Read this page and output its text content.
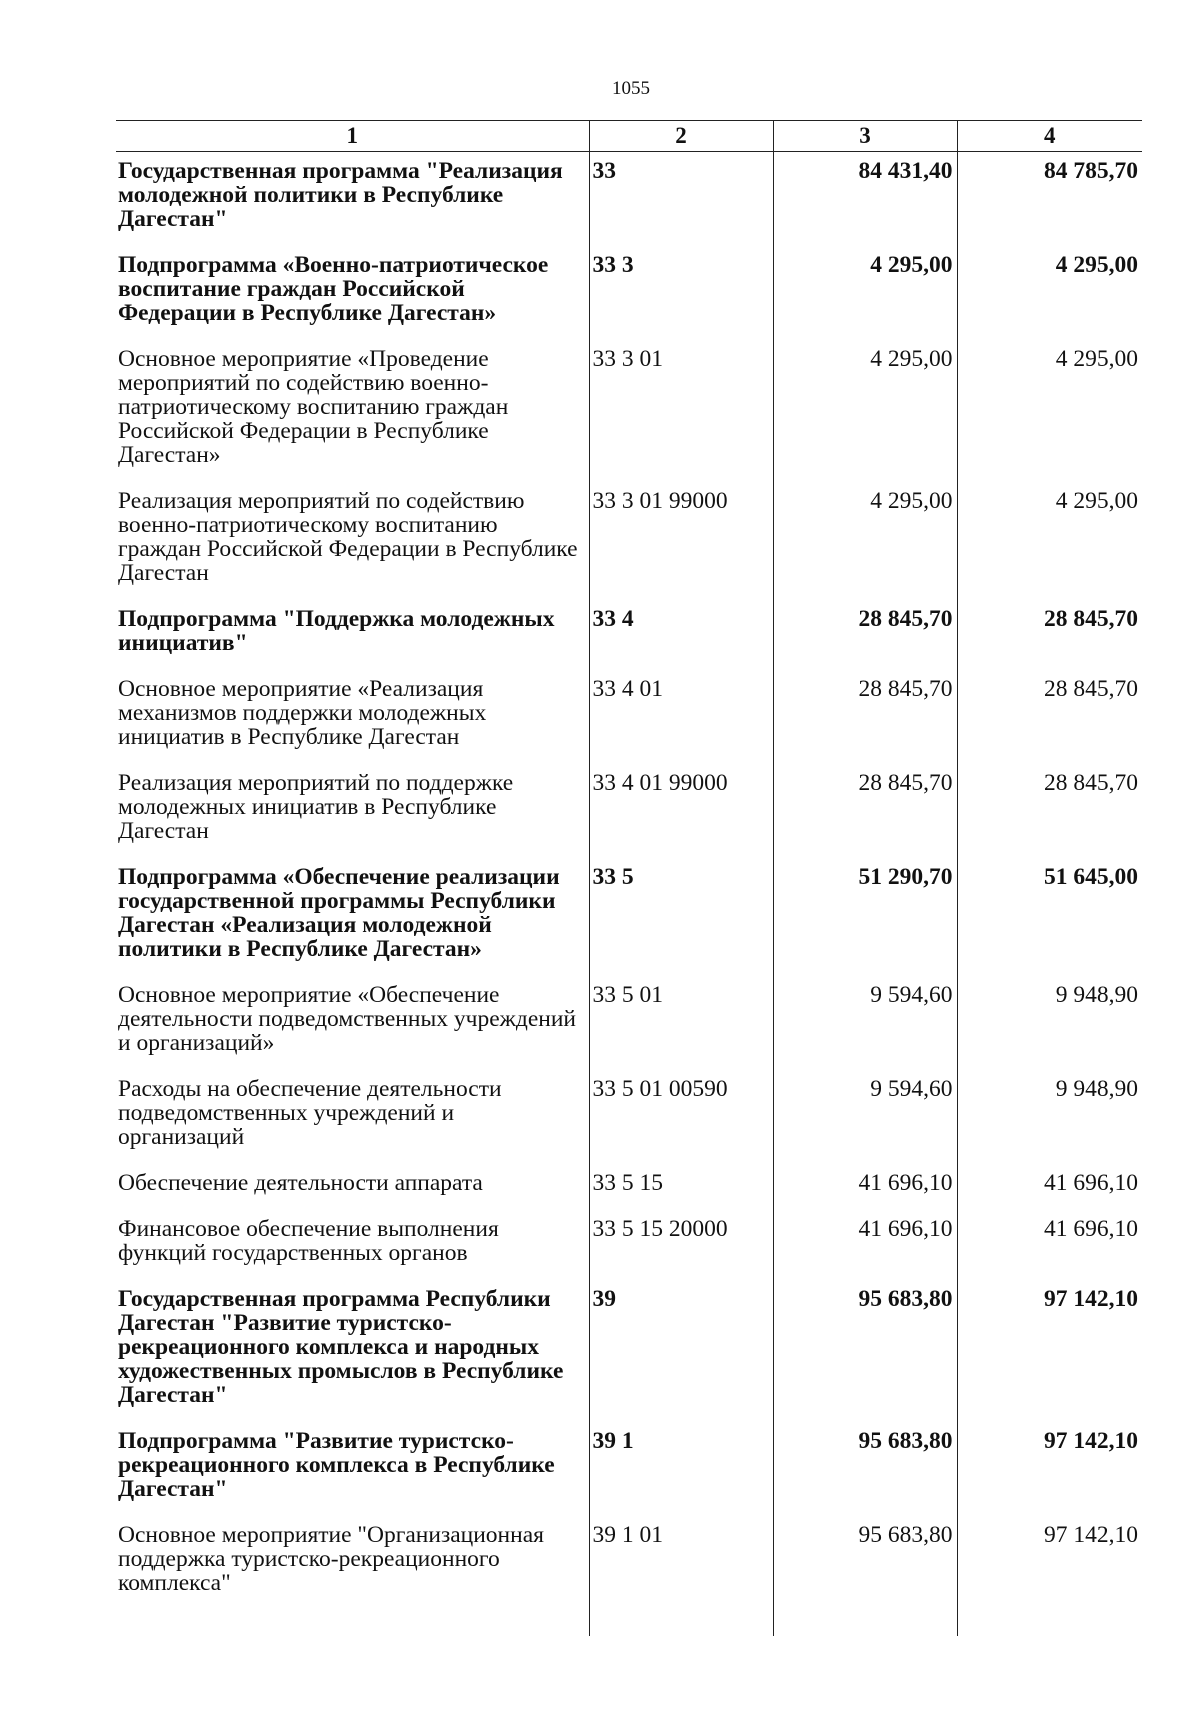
1055
1	2	3	4
Государственная программа "Реализация молодежной политики в Республике Дагестан"	33	84 431,40	84 785,70
Подпрограмма «Военно-патриотическое воспитание граждан Российской Федерации в Республике Дагестан»	33 3	4 295,00	4 295,00
Основное мероприятие «Проведение мероприятий по содействию военно-патриотическому воспитанию граждан Российской Федерации в Республике Дагестан»	33 3 01	4 295,00	4 295,00
Реализация мероприятий по содействию военно-патриотическому воспитанию граждан Российской Федерации в Республике Дагестан	33 3 01 99000	4 295,00	4 295,00
Подпрограмма "Поддержка молодежных инициатив"	33 4	28 845,70	28 845,70
Основное мероприятие «Реализация механизмов поддержки молодежных инициатив в Республике Дагестан	33 4 01	28 845,70	28 845,70
Реализация мероприятий по поддержке молодежных инициатив в Республике Дагестан	33 4 01 99000	28 845,70	28 845,70
Подпрограмма «Обеспечение реализации государственной программы Республики Дагестан «Реализация молодежной политики в Республике Дагестан»	33 5	51 290,70	51 645,00
Основное мероприятие «Обеспечение деятельности подведомственных учреждений и организаций»	33 5 01	9 594,60	9 948,90
Расходы на обеспечение деятельности подведомственных учреждений и организаций	33 5 01 00590	9 594,60	9 948,90
Обеспечение деятельности аппарата	33 5 15	41 696,10	41 696,10
Финансовое обеспечение выполнения функций государственных органов	33 5 15 20000	41 696,10	41 696,10
Государственная программа Республики Дагестан "Развитие туристско-рекреационного комплекса и народных художественных промыслов в Республике Дагестан"	39	95 683,80	97 142,10
Подпрограмма "Развитие туристско-рекреационного комплекса в Республике Дагестан"	39 1	95 683,80	97 142,10
Основное мероприятие "Организационная поддержка туристско-рекреационного комплекса"	39 1 01	95 683,80	97 142,10
